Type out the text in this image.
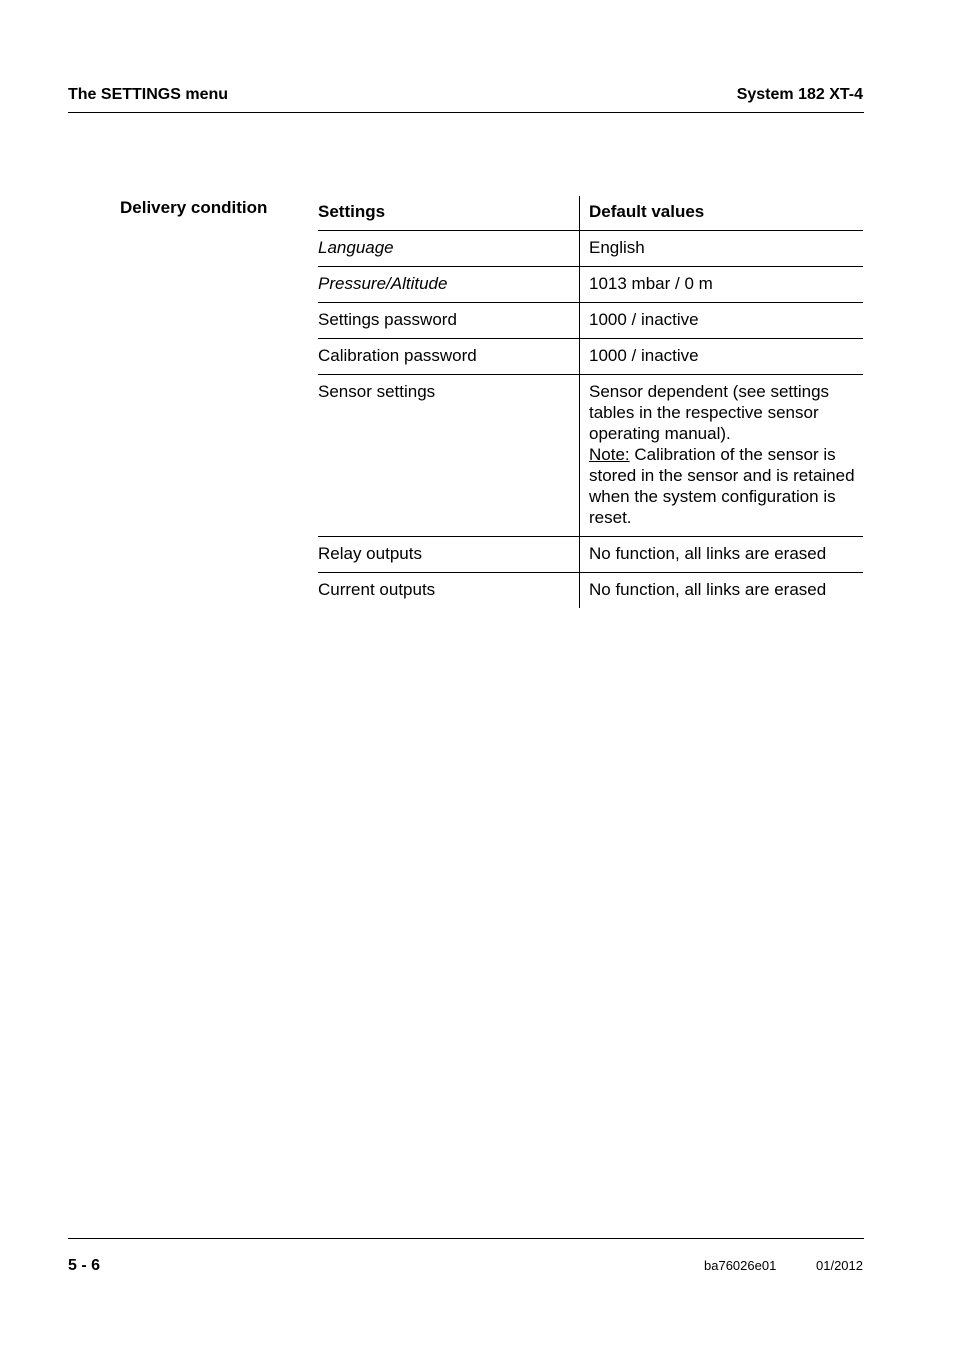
The SETTINGS menu	System 182 XT-4
Delivery condition	Settings	Default values
Language	English
Pressure/Altitude	1013 mbar / 0 m
Settings password	1000 / inactive
Calibration password	1000 / inactive
Sensor settings	Sensor dependent (see settings tables in the respective sensor operating manual).
Note: Calibration of the sensor is stored in the sensor and is retained when the system configuration is reset.
Relay outputs	No function, all links are erased
Current outputs	No function, all links are erased
5 - 6	ba76026e01	01/2012
